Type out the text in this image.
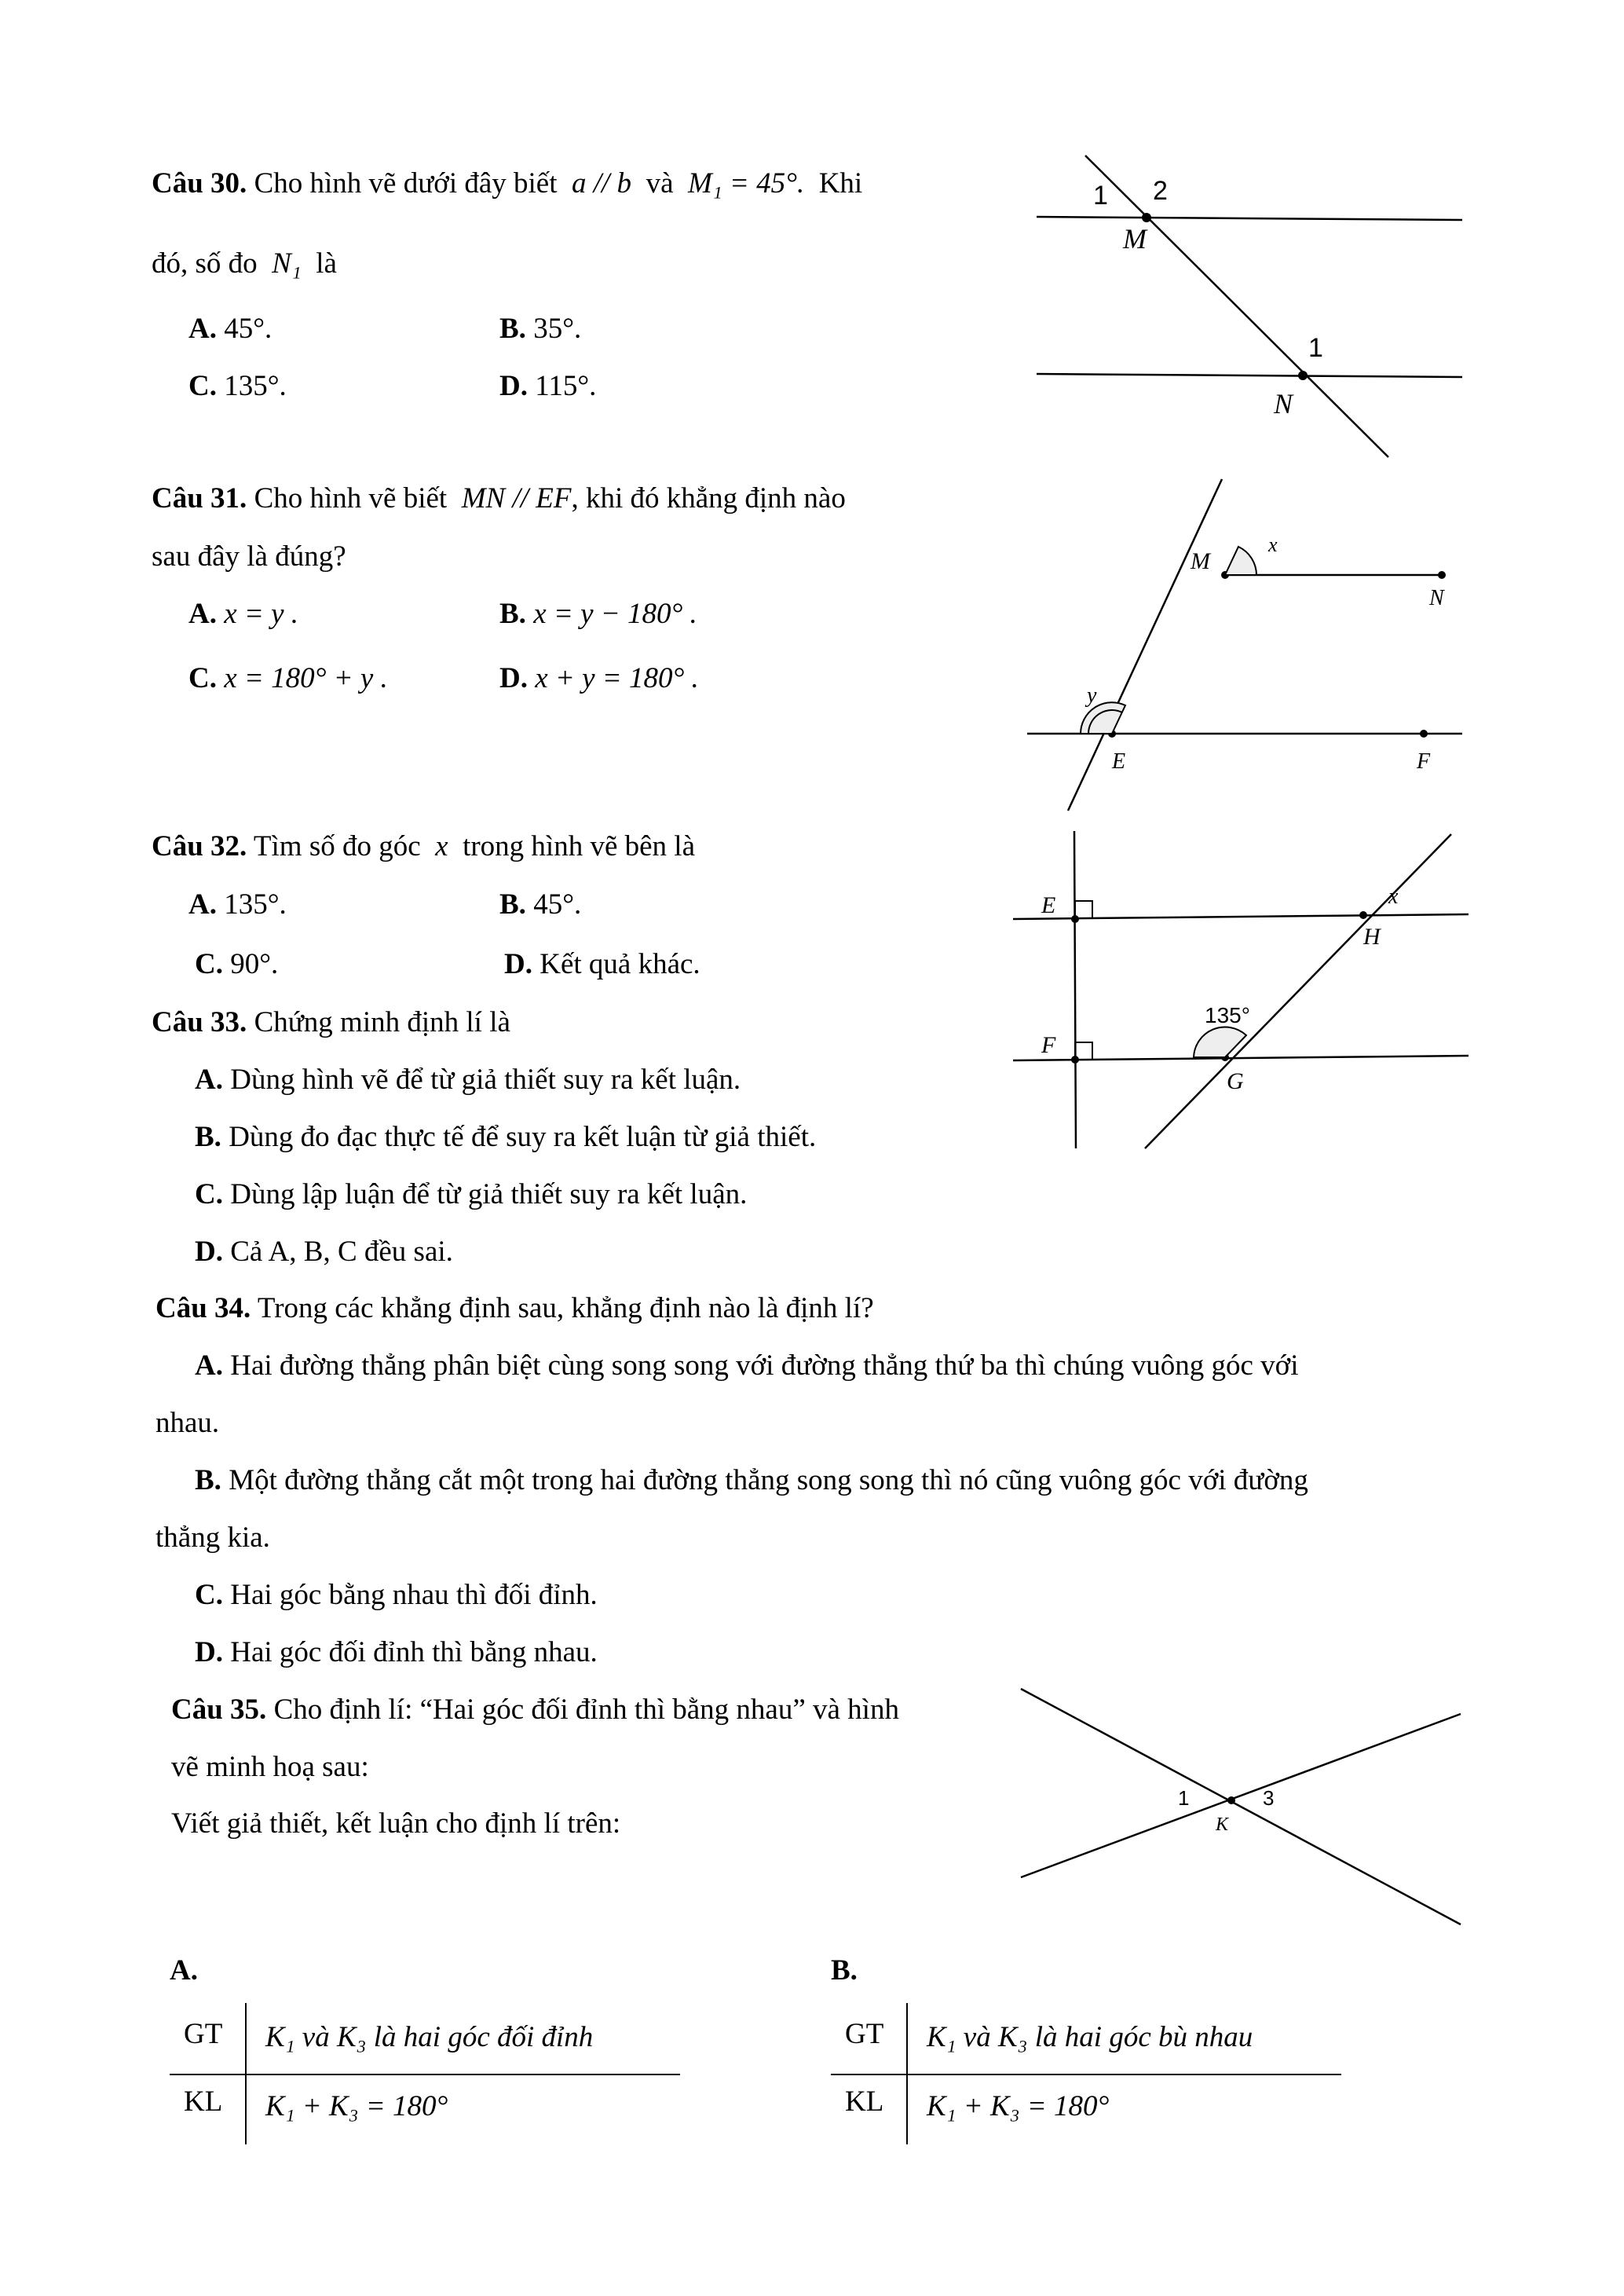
Câu 30. Cho hình vẽ dưới đây biết a // b và M₁ = 45°. Khi
đó, số đo N₁ là
A. 45°.	B. 35°.
C. 135°.	D. 115°.
1 2
M
1
N
Câu 31. Cho hình vẽ biết MN // EF, khi đó khẳng định nào
sau đây là đúng?
A. x = y .	B. x = y − 180° .
C. x = 180° + y .	D. x + y = 180° .
x
M
N
y
E	F
Câu 32. Tìm số đo góc x trong hình vẽ bên là
A. 135°.	B. 45°.
C. 90°.	D. Kết quả khác.
E
F
x
H
135°
G
Câu 33. Chứng minh định lí là
A. Dùng hình vẽ để từ giả thiết suy ra kết luận.
B. Dùng đo đạc thực tế để suy ra kết luận từ giả thiết.
C. Dùng lập luận để từ giả thiết suy ra kết luận.
D. Cả A, B, C đều sai.
Câu 34. Trong các khẳng định sau, khẳng định nào là định lí?
A. Hai đường thẳng phân biệt cùng song song với đường thẳng thứ ba thì chúng vuông góc với
nhau.
B. Một đường thẳng cắt một trong hai đường thẳng song song thì nó cũng vuông góc với đường
thẳng kia.
C. Hai góc bằng nhau thì đối đỉnh.
D. Hai góc đối đỉnh thì bằng nhau.
Câu 35. Cho định lí: “Hai góc đối đỉnh thì bằng nhau” và hình
vẽ minh hoạ sau:
Viết giả thiết, kết luận cho định lí trên:
1	3
K
A.
GT K₁ và K₃ là hai góc đối đỉnh
KL K₁ + K₃ = 180°
B.
GT K₁ và K₃ là hai góc bù nhau
KL K₁ + K₃ = 180°
